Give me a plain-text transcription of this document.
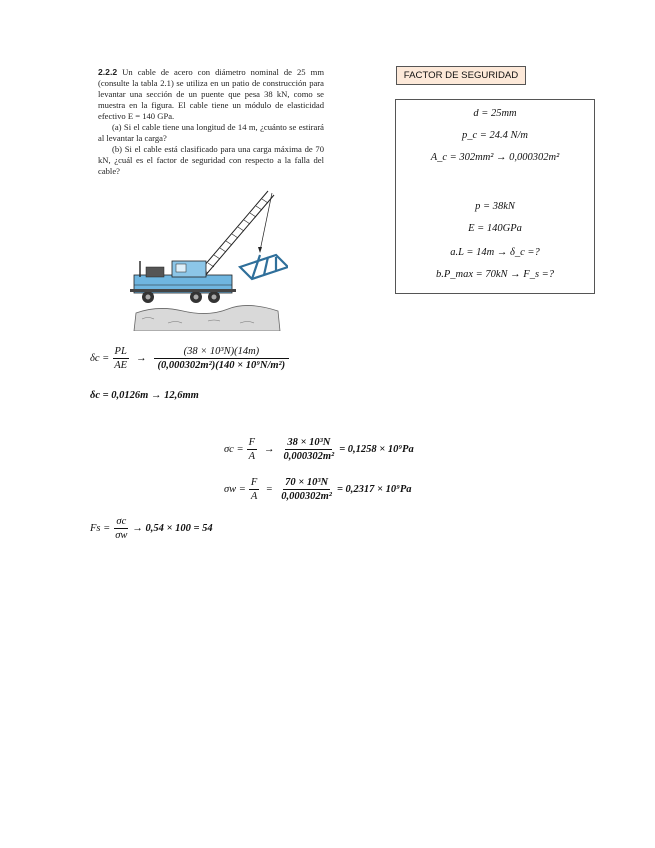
2.2.2 Un cable de acero con diámetro nominal de 25 mm (consulte la tabla 2.1) se utiliza en un patio de construcción para levantar una sección de un puente que pesa 38 kN, como se muestra en la figura. El cable tiene un módulo de elasticidad efectivo E = 140 GPa.

(a) Si el cable tiene una longitud de 14 m, ¿cuánto se estirará al levantar la carga?

(b) Si el cable está clasificado para una carga máxima de 70 kN, ¿cuál es el factor de seguridad con respecto a la falla del cable?

FACTOR DE SEGURIDAD
d = 25mm
p_c = 24.4 N/m
A_c = 302mm² → 0,000302m²
p = 38kN
E = 140GPa
a.L = 14m → δ_c =?
b.P_max = 70kN → F_s =?
$\delta c = \frac{PL}{AE} \to \frac{\text{(38 × 10³N)(14m)}}{\text{(0,000302m²)(140 × 10⁹N/m²)}}$
δc = 0,0126m → 12,6mm
$\sigma c = \frac{F}{A} \to \frac{\text{38 × 10³N}}{\text{0,000302m²}} = 0,1258 \times 10^9Pa$
$\sigma w = \frac{F}{A} = \frac{\text{70 × 10³N}}{\text{0,000302m²}} = 0,2317 \times 10^9Pa$
$Fs = \frac{\sigma c}{\sigma w} \to 0,54 \times 100 = 54$
